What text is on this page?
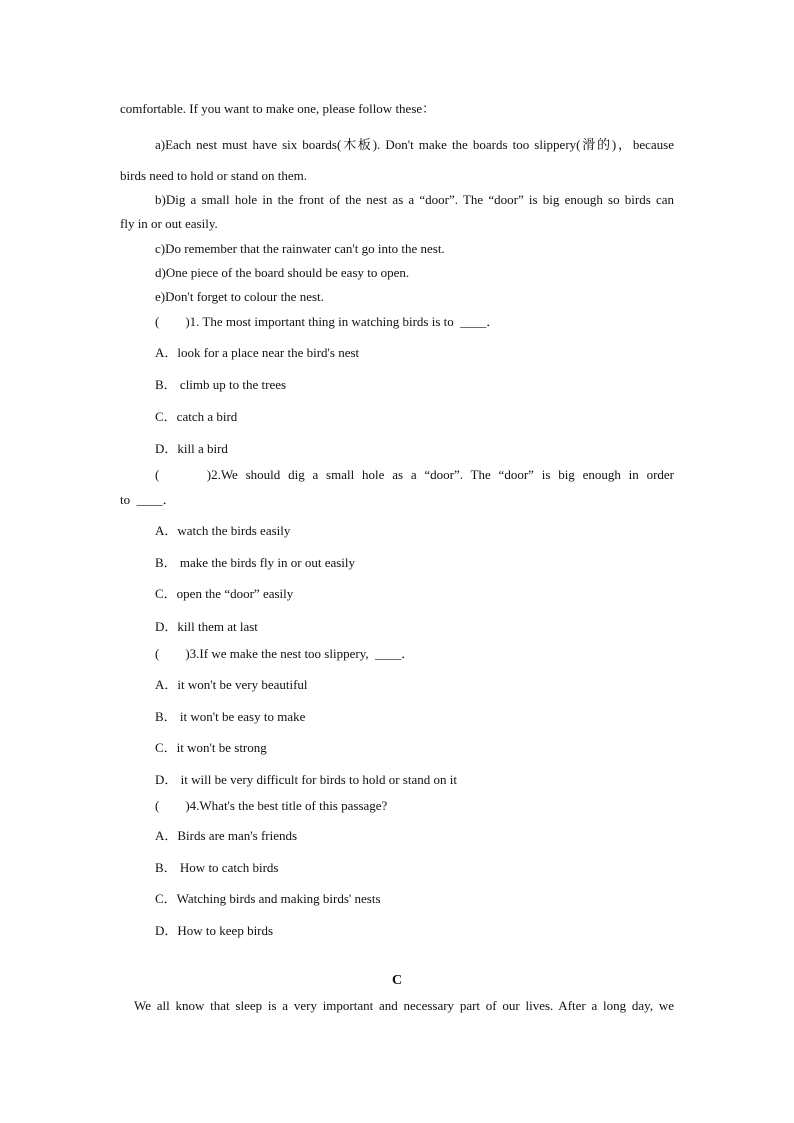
comfortable. If you want to make one, please follow these：
a)Each nest must have six boards(木板). Don't make the boards too slippery(滑的)，because
birds need to hold or stand on them.
b)Dig a small hole in the front of the nest as a “door”. The “door” is big enough so birds can
fly in or out easily.
c)Do remember that the rainwater can't go into the nest.
d)One piece of the board should be easy to open.
e)Don't forget to colour the nest.
(　　)1. The most important thing in watching birds is to  ____．
A．look for a place near the bird's nest
B． climb up to the trees
C．catch a bird
D．kill a bird
(　　 )2.We should dig a small hole as a “door”. The “door” is big enough in order
to  ____．
A．watch the birds easily
B． make the birds fly in or out easily
C．open the “door” easily
D．kill them at last
(　　)3.If we make the nest too slippery,  ____．
A．it won't be very beautiful
B． it won't be easy to make
C．it won't be strong
D． it will be very difficult for birds to hold or stand on it
(　　)4.What's the best title of this passage?
A．Birds are man's friends
B． How to catch birds
C．Watching birds and making birds' nests
D．How to keep birds
C
We all know that sleep is a very important and necessary part of our lives. After a long day, we
